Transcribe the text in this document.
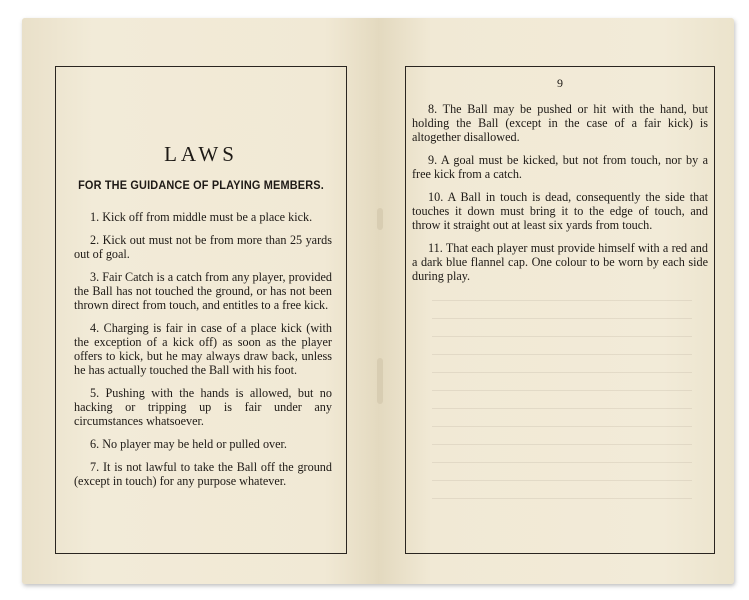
LAWS
FOR THE GUIDANCE OF PLAYING MEMBERS.

1. Kick off from middle must be a place kick.

2. Kick out must not be from more than 25 yards out of goal.

3. Fair Catch is a catch from any player, provided the Ball has not touched the ground, or has not been thrown direct from touch, and entitles to a free kick.

4. Charging is fair in case of a place kick (with the exception of a kick off) as soon as the player offers to kick, but he may always draw back, unless he has actually touched the Ball with his foot.

5. Pushing with the hands is allowed, but no hacking or tripping up is fair under any circumstances whatsoever.

6. No player may be held or pulled over.

7. It is not lawful to take the Ball off the ground (except in touch) for any purpose whatever.

9

8. The Ball may be pushed or hit with the hand, but holding the Ball (except in the case of a fair kick) is altogether disallowed.

9. A goal must be kicked, but not from touch, nor by a free kick from a catch.

10. A Ball in touch is dead, consequently the side that touches it down must bring it to the edge of touch, and throw it straight out at least six yards from touch.

11. That each player must provide himself with a red and a dark blue flannel cap. One colour to be worn by each side during play.
